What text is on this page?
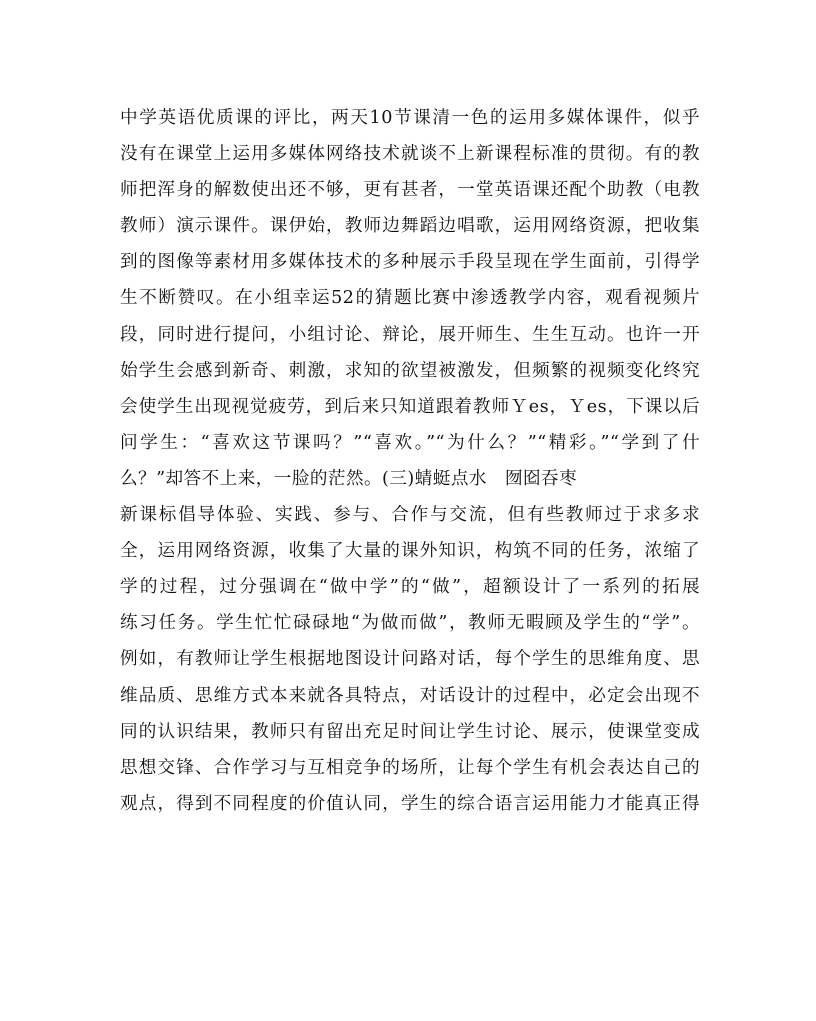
中学英语优质课的评比，两天10节课清一色的运用多媒体课件，似乎
没有在课堂上运用多媒体网络技术就谈不上新课程标准的贯彻。有的教
师把浑身的解数使出还不够，更有甚者，一堂英语课还配个助教（电教
教师）演示课件。课伊始，教师边舞蹈边唱歌，运用网络资源，把收集
到的图像等素材用多媒体技术的多种展示手段呈现在学生面前，引得学
生不断赞叹。在小组幸运52的猜题比赛中渗透教学内容，观看视频片
段，同时进行提问，小组讨论、辩论，展开师生、生生互动。也许一开
始学生会感到新奇、刺激，求知的欲望被激发，但频繁的视频变化终究
会使学生出现视觉疲劳，到后来只知道跟着教师Ｙes，Ｙes，下课以后
问学生：“喜欢这节课吗？”“喜欢。”“为什么？”“精彩。”“学到了什
么？”却答不上来，一脸的茫然。(三)蜻蜓点水　囫囵吞枣
新课标倡导体验、实践、参与、合作与交流，但有些教师过于求多求
全，运用网络资源，收集了大量的课外知识，构筑不同的任务，浓缩了
学的过程，过分强调在“做中学”的“做”，超额设计了一系列的拓展
练习任务。学生忙忙碌碌地“为做而做”，教师无暇顾及学生的“学”。
例如，有教师让学生根据地图设计问路对话，每个学生的思维角度、思
维品质、思维方式本来就各具特点，对话设计的过程中，必定会出现不
同的认识结果，教师只有留出充足时间让学生讨论、展示，使课堂变成
思想交锋、合作学习与互相竞争的场所，让每个学生有机会表达自己的
观点，得到不同程度的价值认同，学生的综合语言运用能力才能真正得
